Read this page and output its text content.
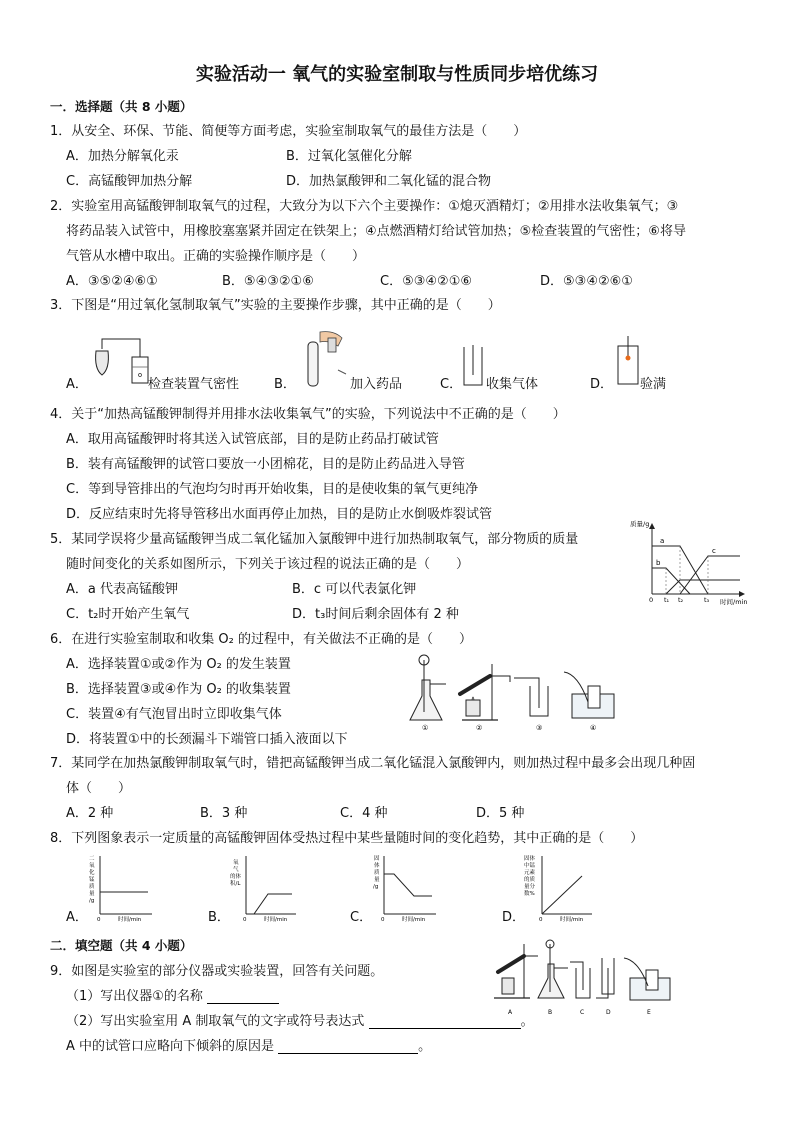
实验活动一 氧气的实验室制取与性质同步培优练习
一．选择题（共 8 小题）
1．从安全、环保、节能、简便等方面考虑，实验室制取氧气的最佳方法是（　　）
A．加热分解氧化汞	B．过氧化氢催化分解
C．高锰酸钾加热分解	D．加热氯酸钾和二氧化锰的混合物
2．实验室用高锰酸钾制取氧气的过程，大致分为以下六个主要操作：①熄灭酒精灯；②用排水法收集氧气；③
将药品装入试管中，用橡胶塞塞紧并固定在铁架上；④点燃酒精灯给试管加热；⑤检查装置的气密性；⑥将导
气管从水槽中取出。正确的实验操作顺序是（　　）
A．③⑤②④⑥①	B．⑤④③②①⑥	C．⑤③④②①⑥	D．⑤③④②⑥①
3．下图是“用过氧化氢制取氧气”实验的主要操作步骤，其中正确的是（　　）
A．	检查装置气密性	B．	加入药品	C． 收集气体	D． 验满
4．关于“加热高锰酸钾制得并用排水法收集氧气”的实验，下列说法中不正确的是（　　）
A．取用高锰酸钾时将其送入试管底部，目的是防止药品打破试管
B．装有高锰酸钾的试管口要放一小团棉花，目的是防止药品进入导管
C．等到导管排出的气泡均匀时再开始收集，目的是使收集的氧气更纯净
D．反应结束时先将导管移出水面再停止加热，目的是防止水倒吸炸裂试管
5．某同学误将少量高锰酸钾当成二氧化锰加入氯酸钾中进行加热制取氧气，部分物质的质量
随时间变化的关系如图所示，下列关于该过程的说法正确的是（　　）
A．a 代表高锰酸钾	B．c 可以代表氯化钾
C．t₂时开始产生氧气	D．t₃时间后剩余固体有 2 种
质量/g
时间/min
0 t₁ t₂	t₃
a
b
c
6．在进行实验室制取和收集 O₂ 的过程中，有关做法不正确的是（　　）
A．选择装置①或②作为 O₂ 的发生装置
B．选择装置③或④作为 O₂ 的收集装置
C．装置④有气泡冒出时立即收集气体
D．将装置①中的长颈漏斗下端管口插入液面以下
①	②	③	④
7．某同学在加热氯酸钾制取氧气时，错把高锰酸钾当成二氧化锰混入氯酸钾内，则加热过程中最多会出现几种固
体（　　）
A．2 种	B．3 种	C．4 种	D．5 种
8．下列图象表示一定质量的高锰酸钾固体受热过程中某些量随时间的变化趋势，其中正确的是（　　）
A．
二氧化锰质量/g
0	时间/min	B．
氧气的体积/L
0	时间/min	C．
固体质量/g
0	时间/min	D．
固体中锰元素的质量分数%
0	时间/min
二．填空题（共 4 小题）
9．如图是实验室的部分仪器或实验装置，回答有关问题。
（1）写出仪器①的名称
（2）写出实验室用 A 制取氧气的文字或符号表达式	。
A 中的试管口应略向下倾斜的原因是	。
A	B	C	D	E
